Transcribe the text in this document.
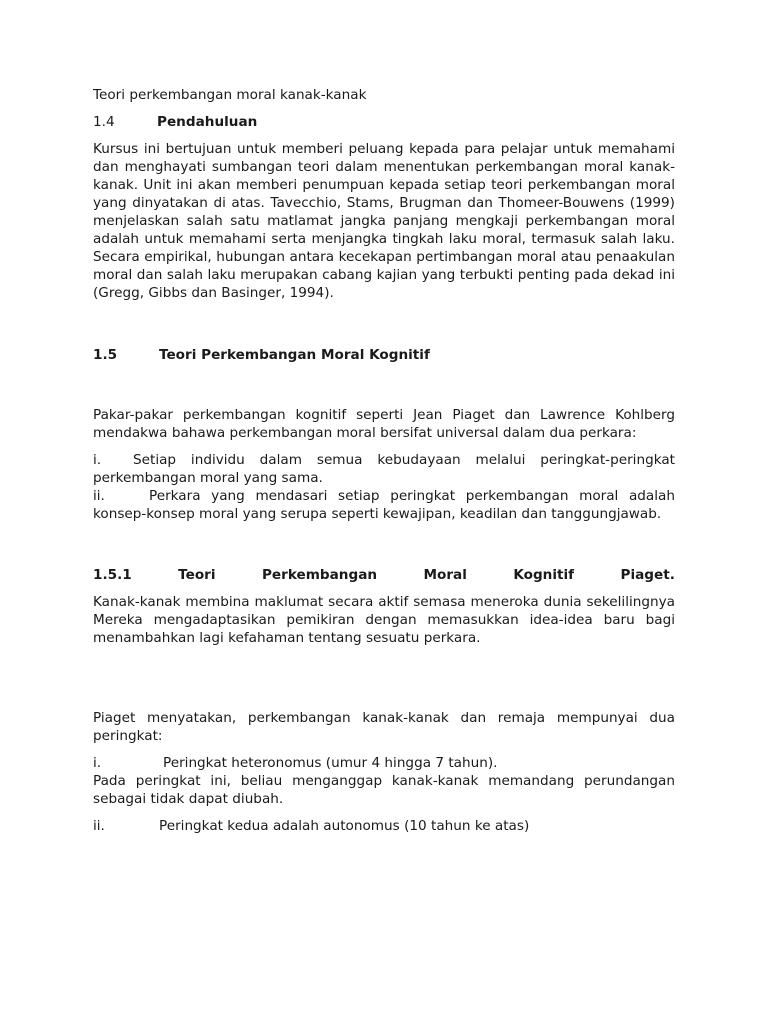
Teori perkembangan moral kanak-kanak
1.4	Pendahuluan

Kursus ini bertujuan untuk memberi peluang kepada para pelajar untuk memahami dan menghayati sumbangan teori dalam menentukan perkembangan moral kanak-kanak. Unit ini akan memberi penumpuan kepada setiap teori perkembangan moral yang dinyatakan di atas. Tavecchio, Stams, Brugman dan Thomeer-Bouwens (1999) menjelaskan salah satu matlamat jangka panjang mengkaji perkembangan moral adalah untuk memahami serta menjangka tingkah laku moral, termasuk salah laku. Secara empirikal, hubungan antara kecekapan pertimbangan moral atau penaakulan moral dan salah laku merupakan cabang kajian yang terbukti penting pada dekad ini (Gregg, Gibbs dan Basinger, 1994).

1.5	Teori Perkembangan Moral Kognitif

Pakar-pakar perkembangan kognitif seperti Jean Piaget dan Lawrence Kohlberg mendakwa bahawa perkembangan moral bersifat universal dalam dua perkara:

i. Setiap individu dalam semua kebudayaan melalui peringkat-peringkat perkembangan moral yang sama.

ii.	Perkara yang mendasari setiap peringkat perkembangan moral adalah konsep-konsep moral yang serupa seperti kewajipan, keadilan dan tanggungjawab.

1.5.1	Teori	Perkembangan	Moral	Kognitif	Piaget.

Kanak-kanak membina maklumat secara aktif semasa meneroka dunia sekelilingnya Mereka mengadaptasikan pemikiran dengan memasukkan idea-idea baru bagi menambahkan lagi kefahaman tentang sesuatu perkara.

Piaget menyatakan, perkembangan kanak-kanak dan remaja mempunyai dua peringkat:

i.	Peringkat heteronomus (umur 4 hingga 7 tahun).

Pada peringkat ini, beliau menganggap kanak-kanak memandang perundangan sebagai tidak dapat diubah.

ii.	Peringkat kedua adalah autonomus (10 tahun ke atas)
